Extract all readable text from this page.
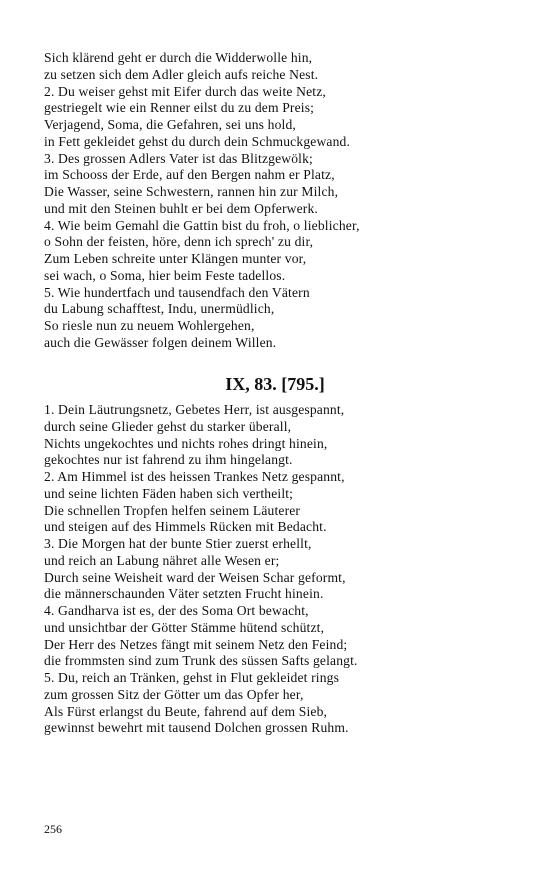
Sich klärend geht er durch die Widderwolle hin,
zu setzen sich dem Adler gleich aufs reiche Nest.
2. Du weiser gehst mit Eifer durch das weite Netz,
gestriegelt wie ein Renner eilst du zu dem Preis;
Verjagend, Soma, die Gefahren, sei uns hold,
in Fett gekleidet gehst du durch dein Schmuckgewand.
3. Des grossen Adlers Vater ist das Blitzgewölk;
im Schooss der Erde, auf den Bergen nahm er Platz,
Die Wasser, seine Schwestern, rannen hin zur Milch,
und mit den Steinen buhlt er bei dem Opferwerk.
4. Wie beim Gemahl die Gattin bist du froh, o lieblicher,
o Sohn der feisten, höre, denn ich sprech' zu dir,
Zum Leben schreite unter Klängen munter vor,
sei wach, o Soma, hier beim Feste tadellos.
5. Wie hundertfach und tausendfach den Vätern
du Labung schafftest, Indu, unermüdlich,
So riesle nun zu neuem Wohlergehen,
auch die Gewässer folgen deinem Willen.
IX, 83. [795.]
1. Dein Läutrungsnetz, Gebetes Herr, ist ausgespannt,
durch seine Glieder gehst du starker überall,
Nichts ungekochtes und nichts rohes dringt hinein,
gekochtes nur ist fahrend zu ihm hingelangt.
2. Am Himmel ist des heissen Trankes Netz gespannt,
und seine lichten Fäden haben sich vertheilt;
Die schnellen Tropfen helfen seinem Läuterer
und steigen auf des Himmels Rücken mit Bedacht.
3. Die Morgen hat der bunte Stier zuerst erhellt,
und reich an Labung nähret alle Wesen er;
Durch seine Weisheit ward der Weisen Schar geformt,
die männerschaunden Väter setzten Frucht hinein.
4. Gandharva ist es, der des Soma Ort bewacht,
und unsichtbar der Götter Stämme hütend schützt,
Der Herr des Netzes fängt mit seinem Netz den Feind;
die frommsten sind zum Trunk des süssen Safts gelangt.
5. Du, reich an Tränken, gehst in Flut gekleidet rings
zum grossen Sitz der Götter um das Opfer her,
Als Fürst erlangst du Beute, fahrend auf dem Sieb,
gewinnst bewehrt mit tausend Dolchen grossen Ruhm.
256
